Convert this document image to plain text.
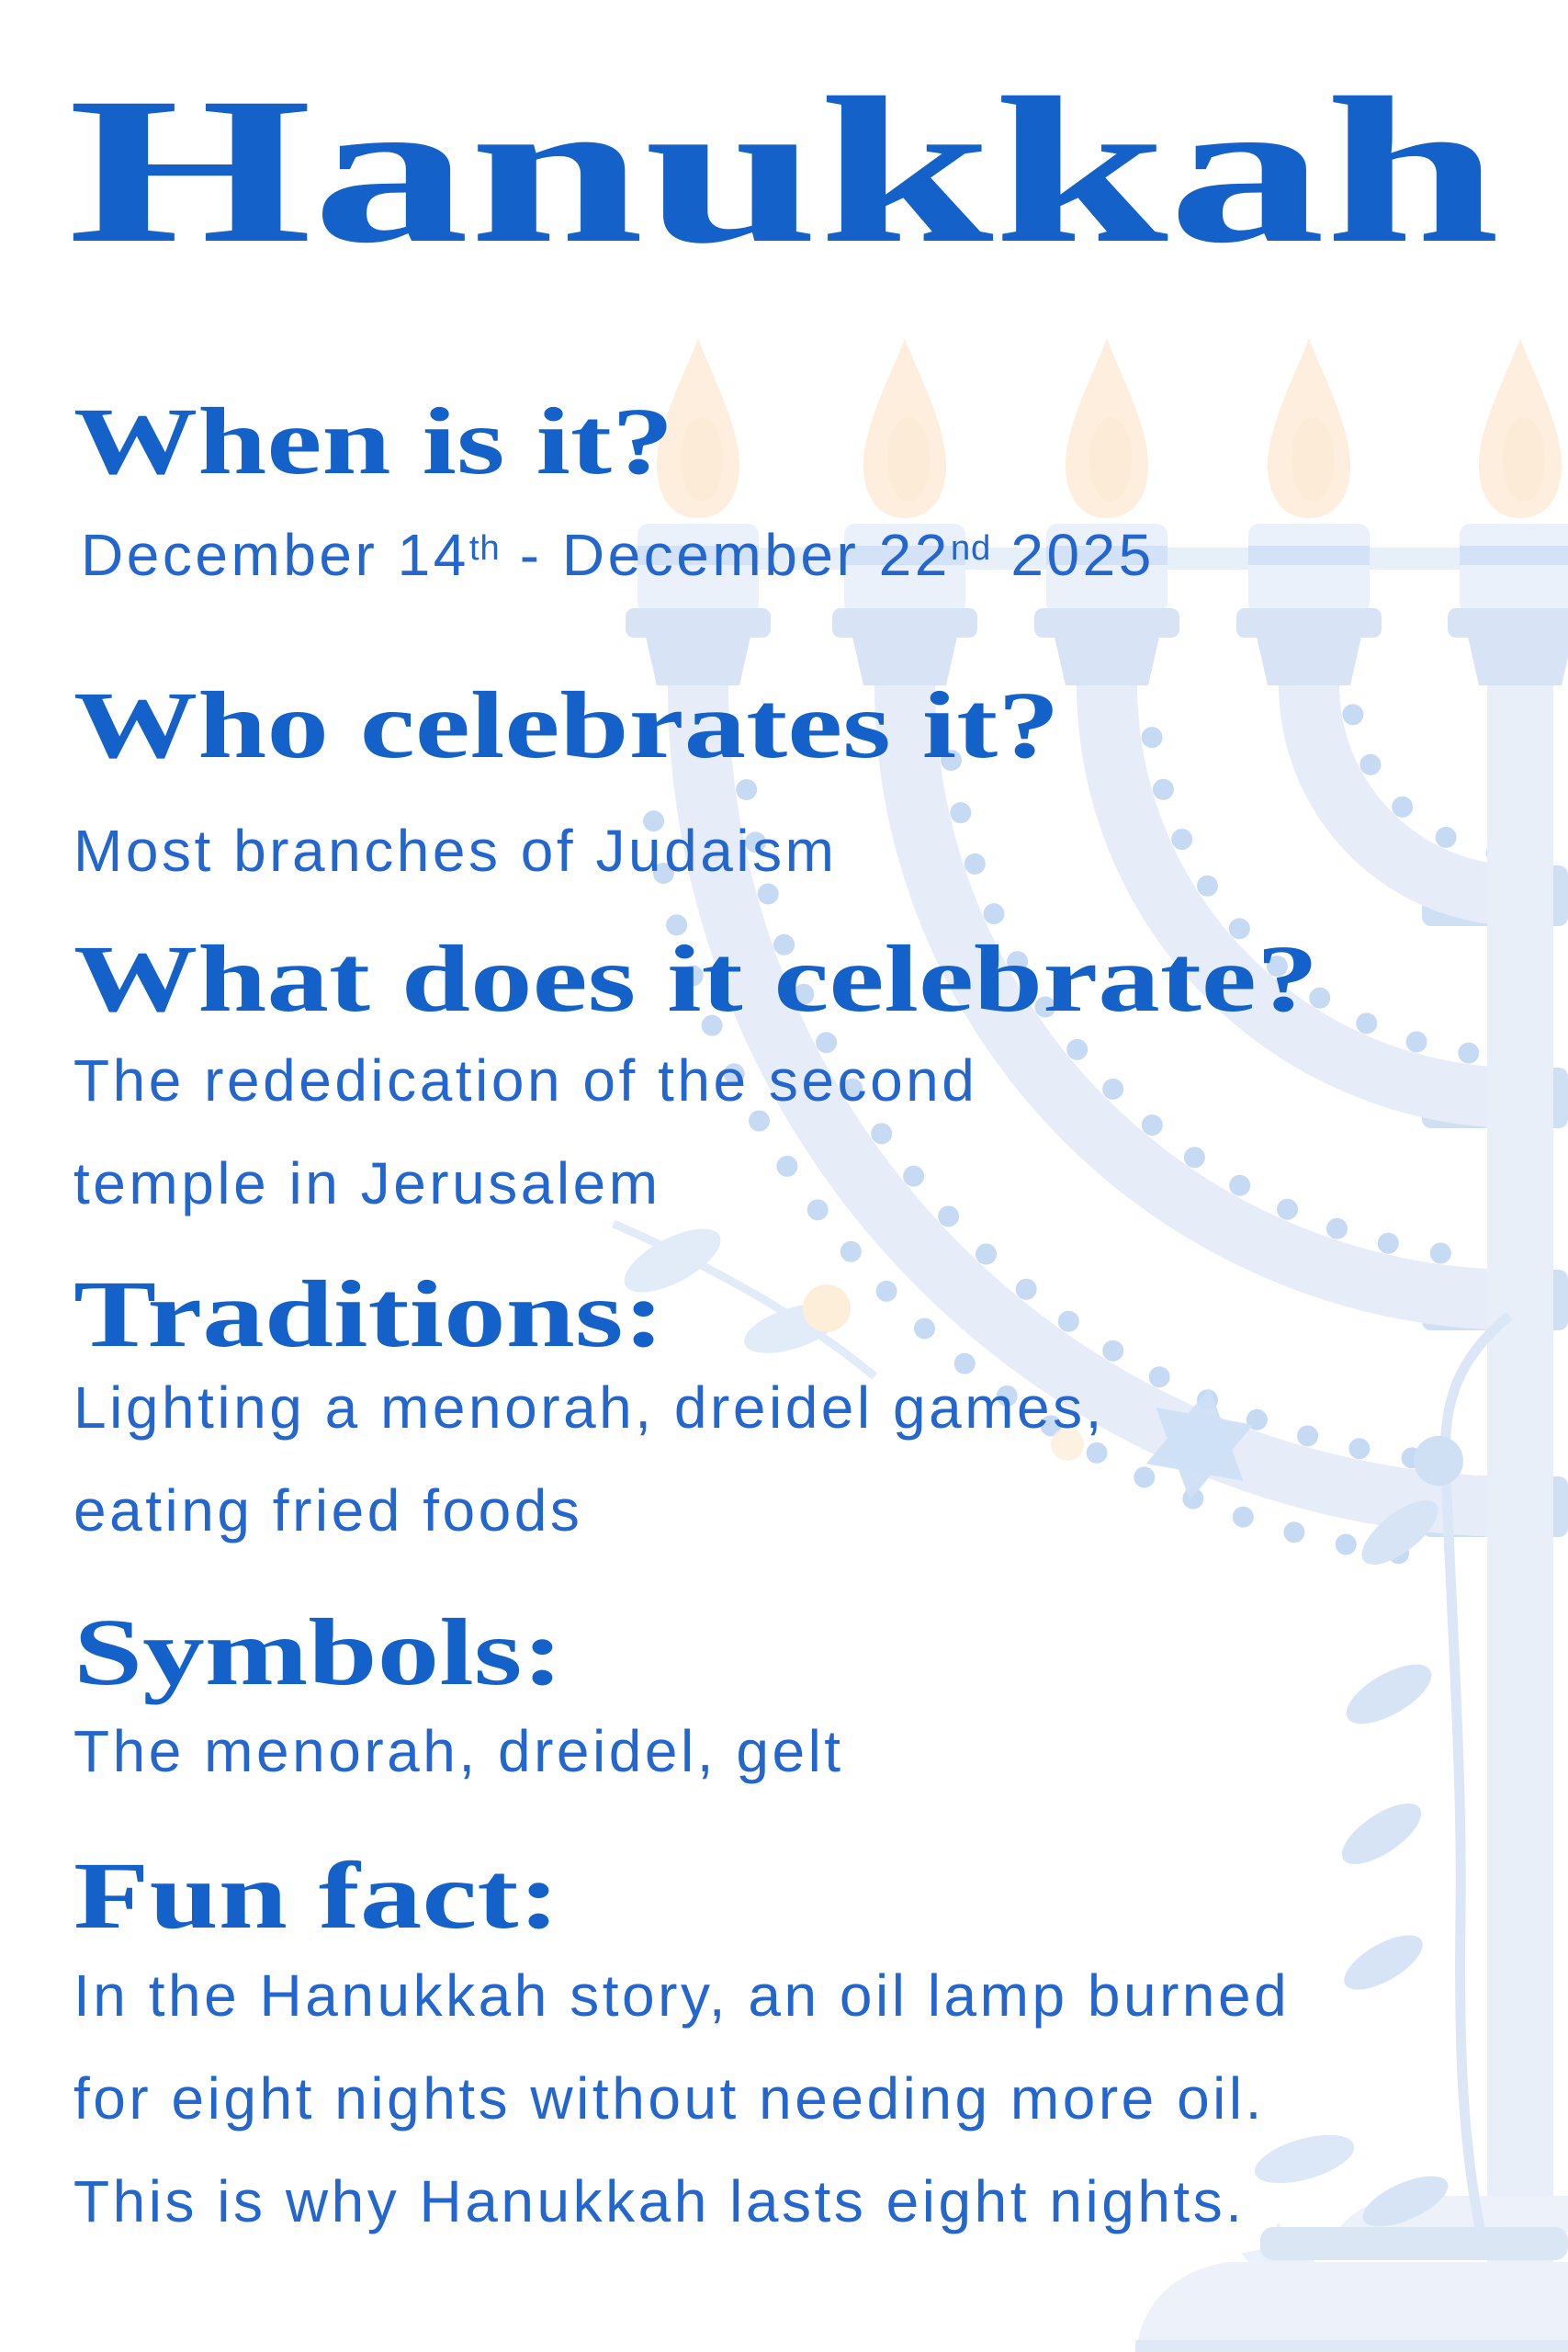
Hanukkah
When is it?

December 14th - December 22nd 2025

Who celebrates it?

Most branches of Judaism

What does it celebrate?

The rededication of the second
temple in Jerusalem

Traditions:

Lighting a menorah, dreidel games,
eating fried foods

Symbols:

The menorah, dreidel, gelt

Fun fact:

In the Hanukkah story, an oil lamp burned
for eight nights without needing more oil.
This is why Hanukkah lasts eight nights.
